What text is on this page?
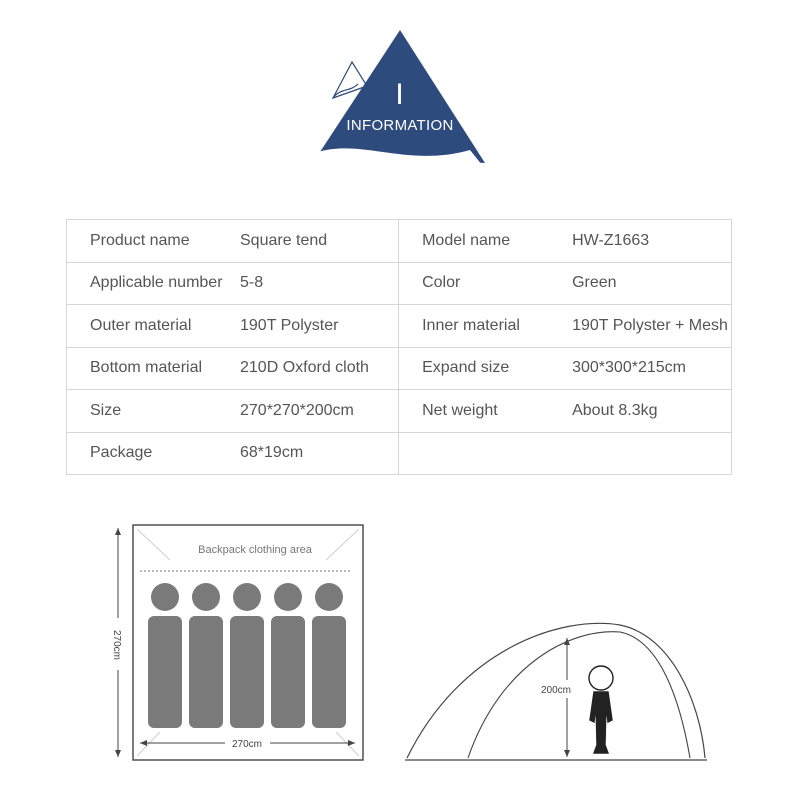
I
INFORMATION
Product name Square tend	Model name HW-Z1663
Applicable number 5-8	Color Green
Outer material 190T Polyster	Inner material 190T Polyster + Mesh
Bottom material 210D Oxford cloth	Expand size 300*300*215cm
Size 270*270*200cm	Net weight About 8.3kg
Package 68*19cm	
Backpack clothing area
270cm
270cm
200cm
